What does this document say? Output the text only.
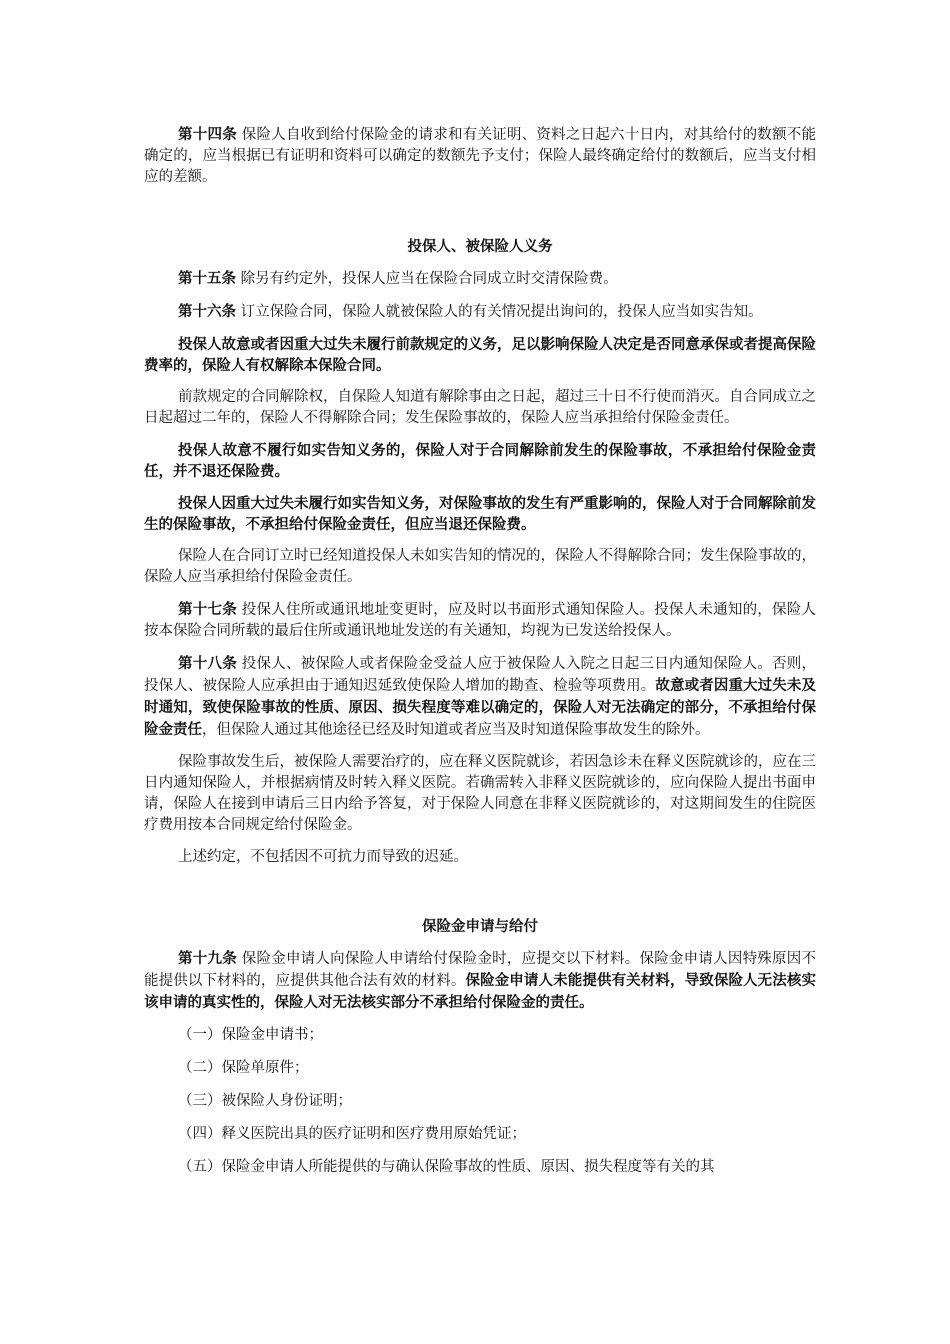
第十四条 保险人自收到给付保险金的请求和有关证明、资料之日起六十日内，对其给付的数额不能确定的，应当根据已有证明和资料可以确定的数额先予支付；保险人最终确定给付的数额后，应当支付相应的差额。

投保人、被保险人义务

第十五条 除另有约定外，投保人应当在保险合同成立时交清保险费。

第十六条 订立保险合同，保险人就被保险人的有关情况提出询问的，投保人应当如实告知。

投保人故意或者因重大过失未履行前款规定的义务，足以影响保险人决定是否同意承保或者提高保险费率的，保险人有权解除本保险合同。

前款规定的合同解除权，自保险人知道有解除事由之日起，超过三十日不行使而消灭。自合同成立之日起超过二年的，保险人不得解除合同；发生保险事故的，保险人应当承担给付保险金责任。

投保人故意不履行如实告知义务的，保险人对于合同解除前发生的保险事故，不承担给付保险金责任，并不退还保险费。

投保人因重大过失未履行如实告知义务，对保险事故的发生有严重影响的，保险人对于合同解除前发生的保险事故，不承担给付保险金责任，但应当退还保险费。

保险人在合同订立时已经知道投保人未如实告知的情况的，保险人不得解除合同；发生保险事故的，保险人应当承担给付保险金责任。

第十七条 投保人住所或通讯地址变更时，应及时以书面形式通知保险人。投保人未通知的，保险人按本保险合同所载的最后住所或通讯地址发送的有关通知，均视为已发送给投保人。

第十八条 投保人、被保险人或者保险金受益人应于被保险人入院之日起三日内通知保险人。否则，投保人、被保险人应承担由于通知迟延致使保险人增加的勘查、检验等项费用。故意或者因重大过失未及时通知，致使保险事故的性质、原因、损失程度等难以确定的，保险人对无法确定的部分，不承担给付保险金责任，但保险人通过其他途径已经及时知道或者应当及时知道保险事故发生的除外。

保险事故发生后，被保险人需要治疗的，应在释义医院就诊，若因急诊未在释义医院就诊的，应在三日内通知保险人，并根据病情及时转入释义医院。若确需转入非释义医院就诊的，应向保险人提出书面申请，保险人在接到申请后三日内给予答复，对于保险人同意在非释义医院就诊的，对这期间发生的住院医疗费用按本合同规定给付保险金。

上述约定，不包括因不可抗力而导致的迟延。

保险金申请与给付

第十九条 保险金申请人向保险人申请给付保险金时，应提交以下材料。保险金申请人因特殊原因不能提供以下材料的，应提供其他合法有效的材料。保险金申请人未能提供有关材料，导致保险人无法核实该申请的真实性的，保险人对无法核实部分不承担给付保险金的责任。

（一）保险金申请书；

（二）保险单原件；

（三）被保险人身份证明；

（四）释义医院出具的医疗证明和医疗费用原始凭证；

（五）保险金申请人所能提供的与确认保险事故的性质、原因、损失程度等有关的其
